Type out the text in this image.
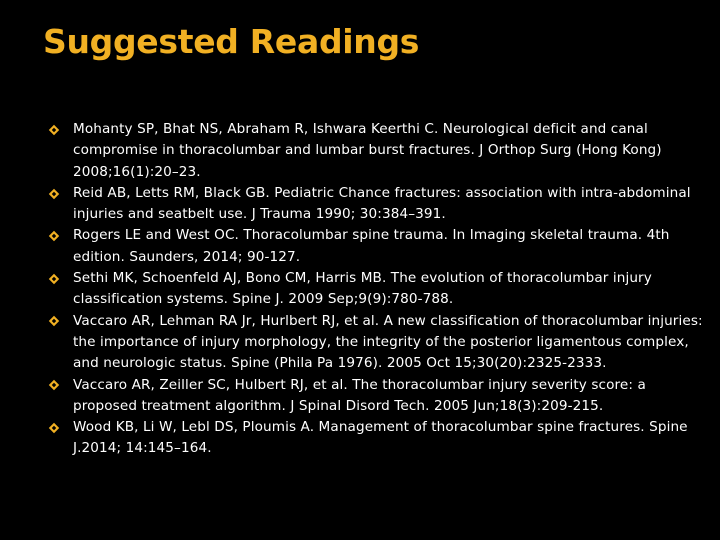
Suggested Readings
Mohanty SP, Bhat NS, Abraham R, Ishwara Keerthi C. Neurological deficit and canal compromise in thoracolumbar and lumbar burst fractures. J Orthop Surg (Hong Kong) 2008;16(1):20–23.
Reid AB, Letts RM, Black GB. Pediatric Chance fractures: association with intra-abdominal injuries and seatbelt use. J Trauma 1990; 30:384–391.
Rogers LE and West OC. Thoracolumbar spine trauma. In Imaging skeletal trauma. 4th edition. Saunders, 2014; 90-127.
Sethi MK, Schoenfeld AJ, Bono CM, Harris MB. The evolution of thoracolumbar injury classification systems. Spine J. 2009 Sep;9(9):780-788.
Vaccaro AR, Lehman RA Jr, Hurlbert RJ, et al. A new classification of thoracolumbar injuries: the importance of injury morphology, the integrity of the posterior ligamentous complex, and neurologic status. Spine (Phila Pa 1976). 2005 Oct 15;30(20):2325-2333.
Vaccaro AR, Zeiller SC, Hulbert RJ, et al. The thoracolumbar injury severity score: a proposed treatment algorithm. J Spinal Disord Tech. 2005 Jun;18(3):209-215.
Wood KB, Li W, Lebl DS, Ploumis A. Management of thoracolumbar spine fractures. Spine J.2014; 14:145–164.
